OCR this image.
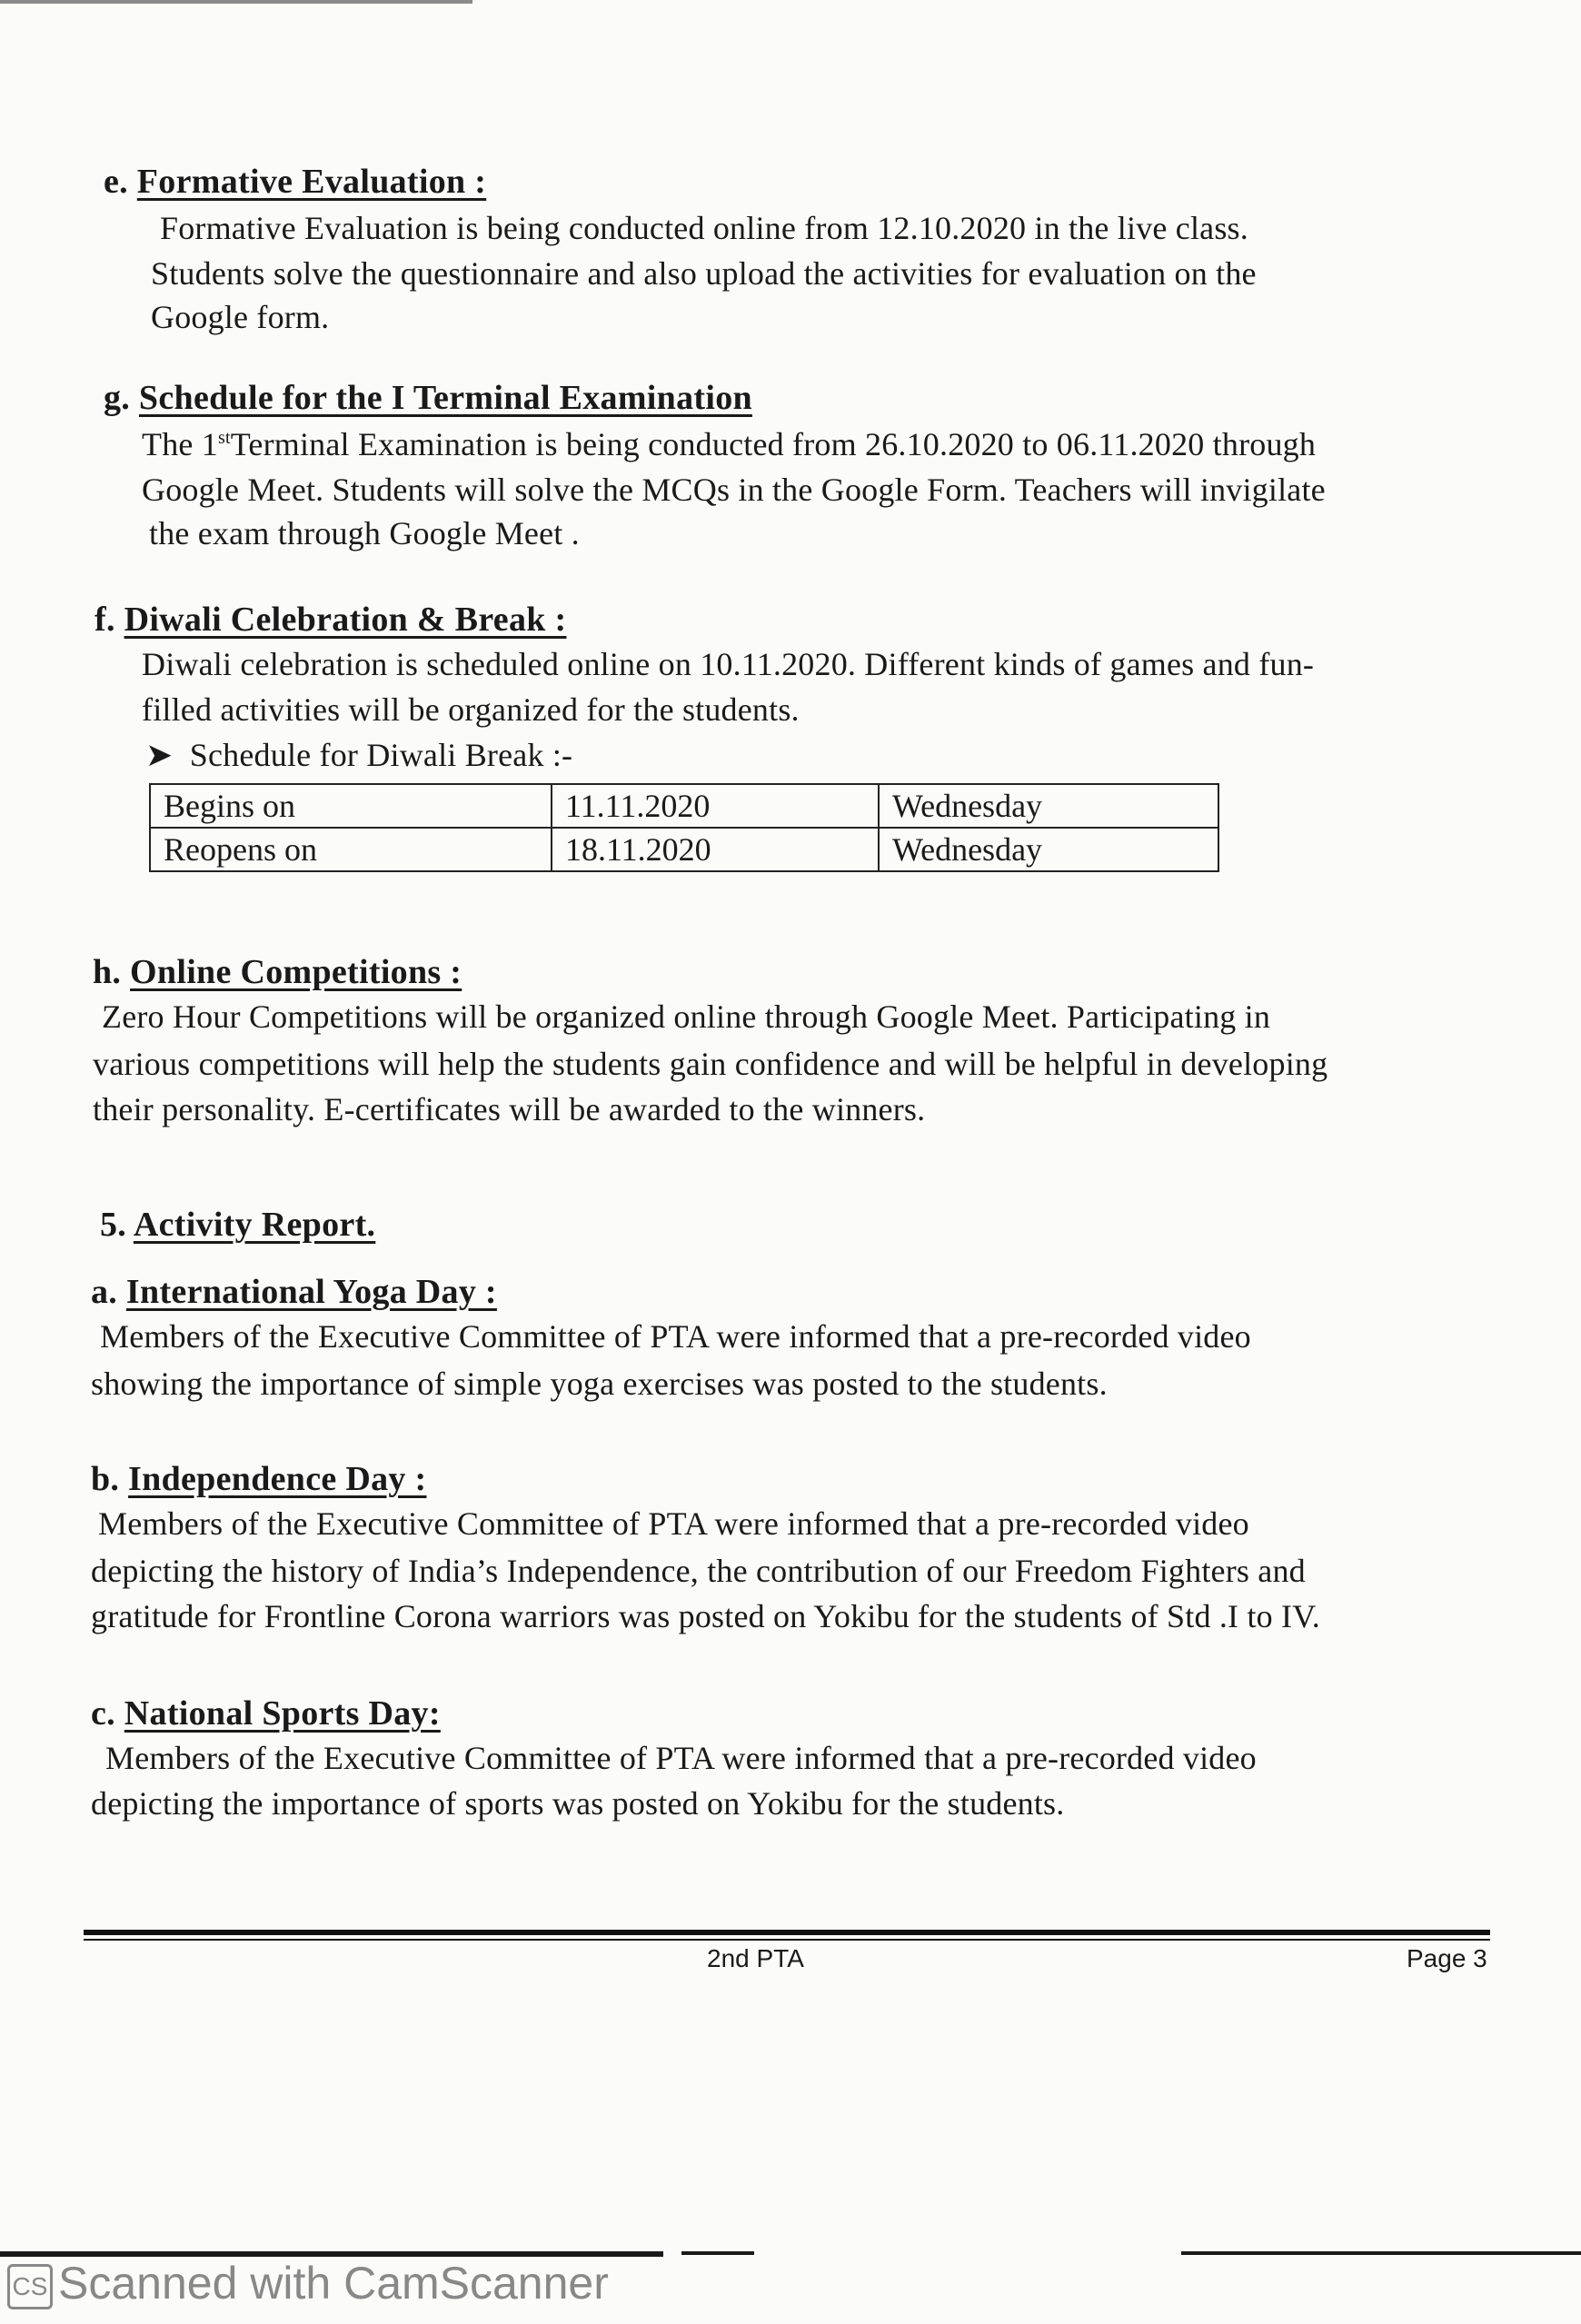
e. Formative Evaluation :
Formative Evaluation is being conducted online from 12.10.2020 in the live class.
Students solve the questionnaire and also upload the activities for evaluation on the
Google form.
g. Schedule for the I Terminal Examination
The 1stTerminal Examination is being conducted from 26.10.2020 to 06.11.2020 through
Google Meet. Students will solve the MCQs in the Google Form. Teachers will invigilate
the exam through Google Meet .
f. Diwali Celebration & Break :
Diwali celebration is scheduled online on 10.11.2020. Different kinds of games and fun-
filled activities will be organized for the students.
➤ Schedule for Diwali Break :-
Begins on	11.11.2020	Wednesday
Reopens on	18.11.2020	Wednesday
h. Online Competitions :
Zero Hour Competitions will be organized online through Google Meet. Participating in
various competitions will help the students gain confidence and will be helpful in developing
their personality. E-certificates will be awarded to the winners.
5. Activity Report.
a. International Yoga Day :
Members of the Executive Committee of PTA were informed that a pre-recorded video
showing the importance of simple yoga exercises was posted to the students.
b. Independence Day :
Members of the Executive Committee of PTA were informed that a pre-recorded video
depicting the history of India’s Independence, the contribution of our Freedom Fighters and
gratitude for Frontline Corona warriors was posted on Yokibu for the students of Std .I to IV.
c. National Sports Day:
Members of the Executive Committee of PTA were informed that a pre-recorded video
depicting the importance of sports was posted on Yokibu for the students.
2nd PTA	Page 3
CS Scanned with CamScanner
